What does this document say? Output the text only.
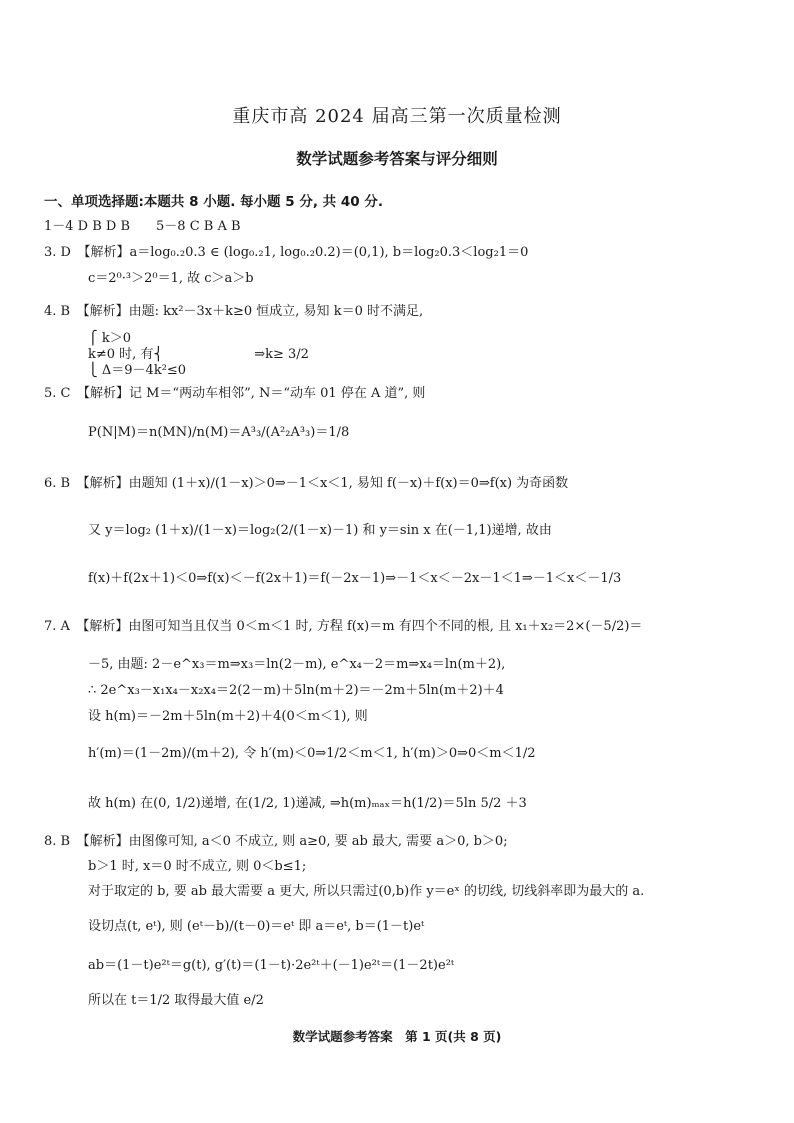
重庆市高 2024 届高三第一次质量检测
数学试题参考答案与评分细则
一、单项选择题:本题共 8 小题. 每小题 5 分, 共 40 分.
1－4 D B D B　　5－8 C B A B
3. D　【解析】a＝log₀.₂0.3 ∈ (log₀.₂1, log₀.₂0.2)＝(0,1), b＝log₂0.3＜log₂1＝0
c＝2⁰·³＞2⁰＝1, 故 c＞a＞b
4. B　【解析】由题: kx²－3x＋k≥0 恒成立, 易知 k＝0 时不满足,
⎧ k＞0
k≠0 时, 有⎨　　　　　　　⇒k≥ 3/2
⎩ Δ＝9－4k²≤0
5. C　【解析】记 M＝“两动车相邻”, N＝“动车 01 停在 A 道”, 则
P(N|M)＝n(MN)/n(M)＝A³₃/(A²₂A³₃)＝1/8
6. B　【解析】由题知 (1＋x)/(1－x)＞0⇒－1＜x＜1, 易知 f(－x)＋f(x)＝0⇒f(x) 为奇函数
又 y＝log₂ (1＋x)/(1－x)＝log₂(2/(1－x)－1) 和 y＝sin x 在(－1,1)递增, 故由
f(x)＋f(2x＋1)＜0⇒f(x)＜－f(2x＋1)＝f(－2x－1)⇒－1＜x＜－2x－1＜1⇒－1＜x＜－1/3
7. A　【解析】由图可知当且仅当 0＜m＜1 时, 方程 f(x)＝m 有四个不同的根, 且 x₁＋x₂＝2×(－5/2)＝
－5, 由题: 2－e^x₃＝m⇒x₃＝ln(2－m), e^x₄－2＝m⇒x₄＝ln(m＋2),
∴ 2e^x₃－x₁x₄－x₂x₄＝2(2－m)＋5ln(m＋2)＝－2m＋5ln(m＋2)＋4
设 h(m)＝－2m＋5ln(m＋2)＋4(0＜m＜1), 则
h′(m)＝(1－2m)/(m＋2), 令 h′(m)＜0⇒1/2＜m＜1, h′(m)＞0⇒0＜m＜1/2
故 h(m) 在(0, 1/2)递增, 在(1/2, 1)递减, ⇒h(m)ₘₐₓ＝h(1/2)＝5ln 5/2 ＋3
8. B　【解析】由图像可知, a＜0 不成立, 则 a≥0, 要 ab 最大, 需要 a＞0, b＞0;
b＞1 时, x＝0 时不成立, 则 0＜b≤1;
对于取定的 b, 要 ab 最大需要 a 更大, 所以只需过(0,b)作 y＝eˣ 的切线, 切线斜率即为最大的 a.
设切点(t, eᵗ), 则 (eᵗ－b)/(t－0)＝eᵗ 即 a＝eᵗ, b＝(1－t)eᵗ
ab＝(1－t)e²ᵗ＝g(t), g′(t)＝(1－t)·2e²ᵗ＋(－1)e²ᵗ＝(1－2t)e²ᵗ
所以在 t＝1/2 取得最大值 e/2
数学试题参考答案　第 1 页(共 8 页)
